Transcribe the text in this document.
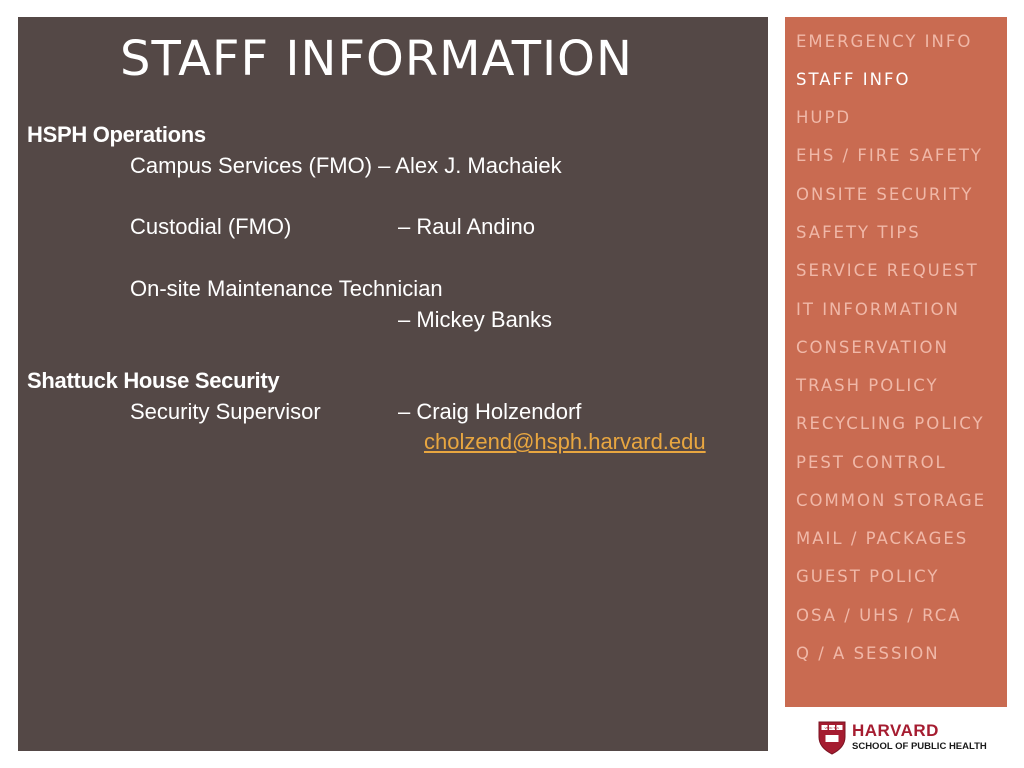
STAFF INFORMATION
HSPH Operations
Campus Services (FMO) – Alex J. Machaiek
Custodial (FMO)	– Raul Andino
On-site Maintenance Technician
– Mickey Banks
Shattuck House Security
Security Supervisor	– Craig Holzendorf
cholzend@hsph.harvard.edu
EMERGENCY INFO
STAFF INFO
HUPD
EHS / FIRE SAFETY
ONSITE SECURITY
SAFETY TIPS
SERVICE REQUEST
IT INFORMATION
CONSERVATION
TRASH POLICY
RECYCLING POLICY
PEST CONTROL
COMMON STORAGE
MAIL / PACKAGES
GUEST POLICY
OSA / UHS / RCA
Q / A SESSION
VE RI TAS HARVARD
SCHOOL OF PUBLIC HEALTH
